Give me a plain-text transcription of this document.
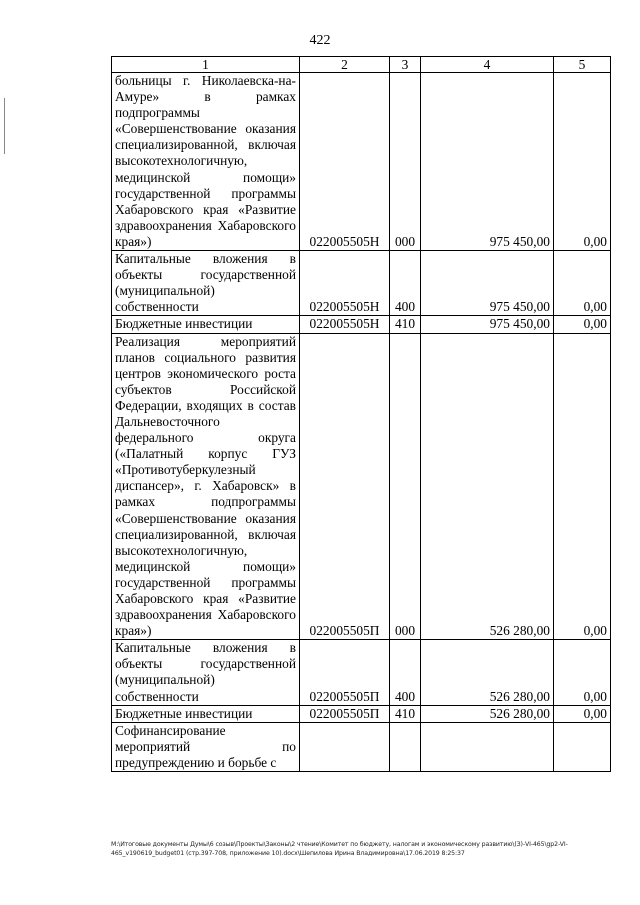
422
1	2	3	4	5
больницы г. Николаевска-на-Амуре» в рамках подпрограммы «Совершенствование оказания специализированной, включая высокотехнологичную, медицинской помощи» государственной программы Хабаровского края «Развитие здравоохранения Хабаровского края»)	022005505Н	000	975 450,00	0,00
Капитальные вложения в объекты государственной (муниципальной) собственности	022005505Н	400	975 450,00	0,00
Бюджетные инвестиции	022005505Н	410	975 450,00	0,00
Реализация мероприятий планов социального развития центров экономического роста субъектов Российской Федерации, входящих в состав Дальневосточного федерального округа («Палатный корпус ГУЗ «Противотуберкулезный диспансер», г. Хабаровск» в рамках подпрограммы «Совершенствование оказания специализированной, включая высокотехнологичную, медицинской помощи» государственной программы Хабаровского края «Развитие здравоохранения Хабаровского края»)	022005505П	000	526 280,00	0,00
Капитальные вложения в объекты государственной (муниципальной) собственности	022005505П	400	526 280,00	0,00
Бюджетные инвестиции	022005505П	410	526 280,00	0,00
Софинансирование мероприятий по предупреждению и борьбе с				
М:\Итоговые документы Думы\6 созыв\Проекты\Законы\2 чтение\Комитет по бюджету, налогам и экономическому развитию\(З)-VI-465\gp2-VI-465_v190619_budget01 (стр.397-708, приложение 10).docx\Шепилова Ирина Владимировна\17.06.2019 8:25:37
